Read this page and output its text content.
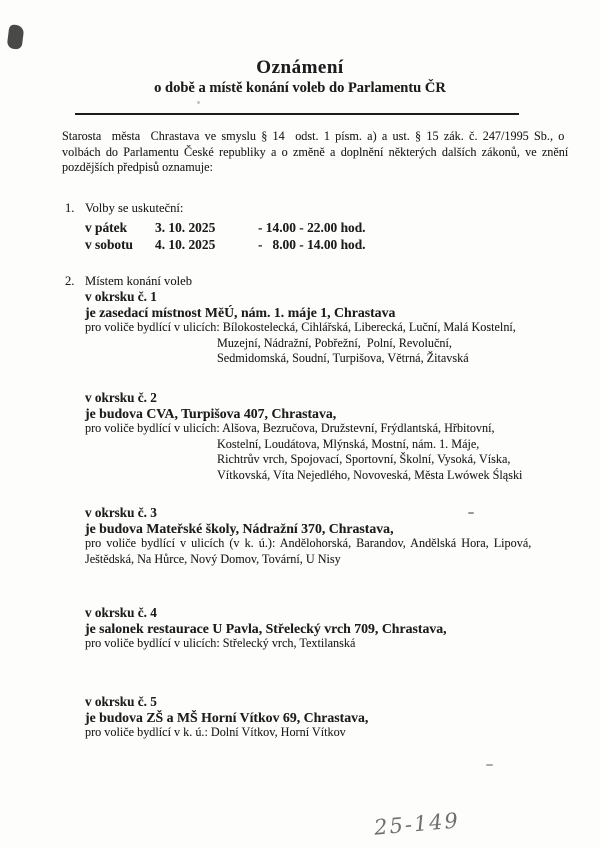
Oznámení
o době a místě konání voleb do Parlamentu ČR
Starosta  města  Chrastava ve smyslu § 14  odst. 1 písm. a) a ust. § 15 zák. č. 247/1995 Sb., o
volbách do Parlamentu České republiky a o změně a doplnění některých dalších zákonů, ve znění
pozdějších předpisů oznamuje:
1. Volby se uskuteční:
v pátek 3. 10. 2025	- 14.00 - 22.00 hod.
v sobotu 4. 10. 2025	-   8.00 - 14.00 hod.
2. Místem konání voleb
v okrsku č. 1
je zasedací místnost MěÚ, nám. 1. máje 1, Chrastava
pro voliče bydlící v ulicích: Bílokostelecká, Cihlářská, Liberecká, Luční, Malá Kostelní,
Muzejní, Nádražní, Pobřežní,  Polní, Revoluční,
Sedmidomská, Soudní, Turpišova, Větrná, Žitavská
v okrsku č. 2
je budova CVA, Turpišova 407, Chrastava,
pro voliče bydlící v ulicích: Alšova, Bezručova, Družstevní, Frýdlantská, Hřbitovní,
Kostelní, Loudátova, Mlýnská, Mostní, nám. 1. Máje,
Richtrův vrch, Spojovací, Sportovní, Školní, Vysoká, Víska,
Vítkovská, Víta Nejedlého, Novoveská, Města Lwówek Śląski
v okrsku č. 3
je budova Mateřské školy, Nádražní 370, Chrastava,
pro voliče bydlící v ulicích (v k. ú.): Andělohorská, Barandov, Andělská Hora, Lipová,
Ještědská, Na Hůrce, Nový Domov, Tovární, U Nisy
v okrsku č. 4
je salonek restaurace U Pavla, Střelecký vrch 709, Chrastava,
pro voliče bydlící v ulicích: Střelecký vrch, Textilanská
v okrsku č. 5
je budova ZŠ a MŠ Horní Vítkov 69, Chrastava,
pro voliče bydlící v k. ú.: Dolní Vítkov, Horní Vítkov
25-149
